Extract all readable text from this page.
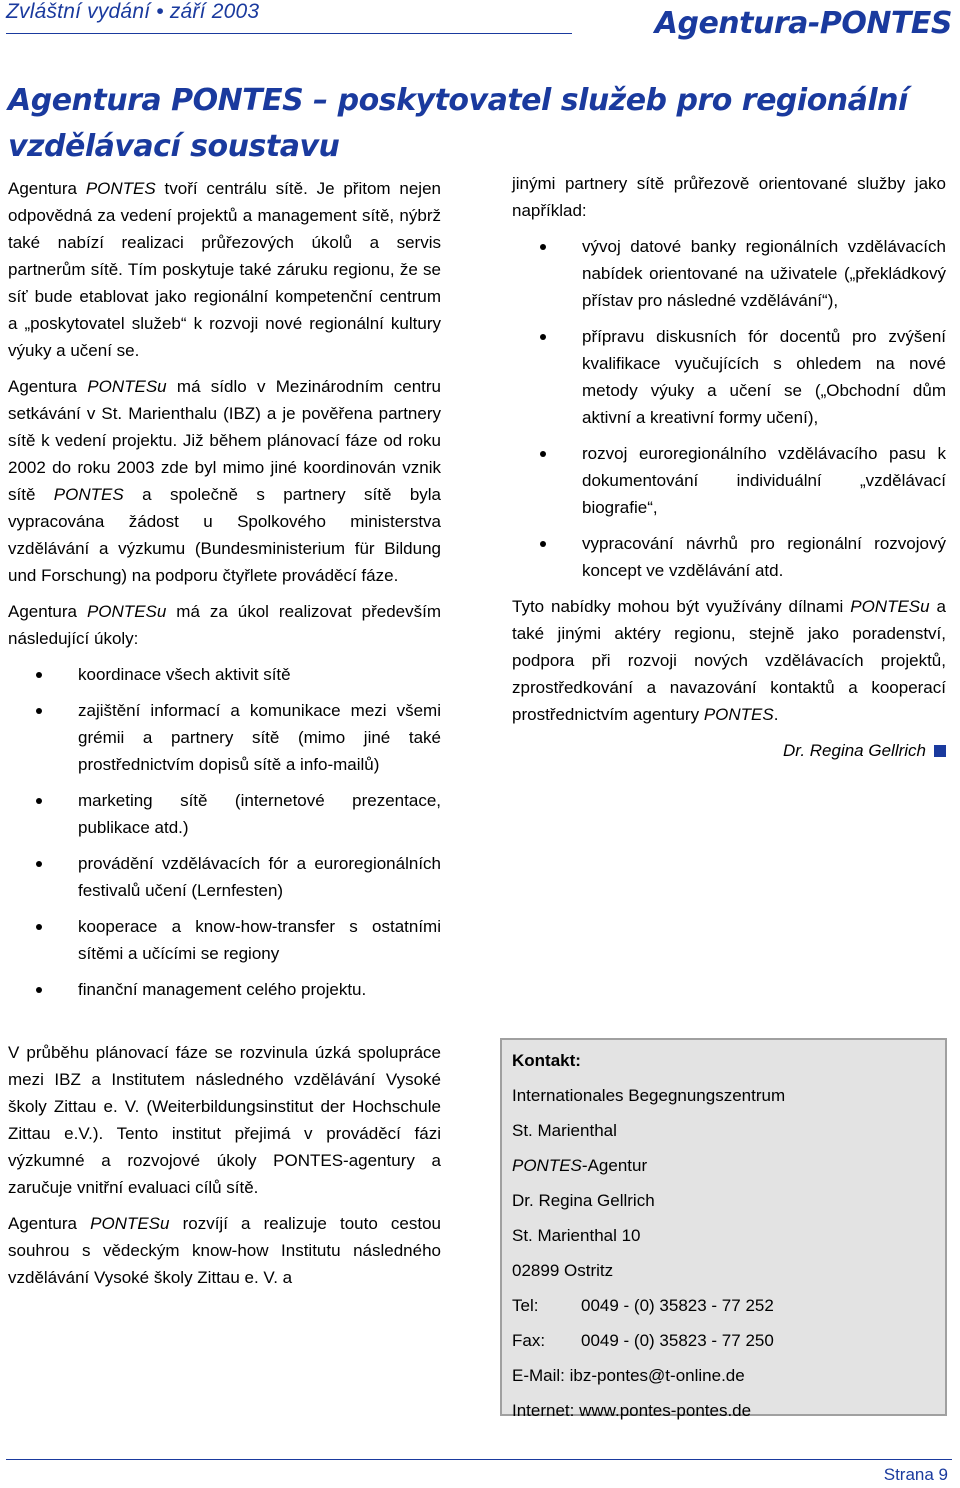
Zvláštní vydání • září 2003	Agentura-PONTES
Agentura PONTES – poskytovatel služeb pro regionální
vzdělávací soustavu

Agentura PONTES tvoří centrálu sítě. Je přitom nejen odpovědná za vedení projektů a management sítě, nýbrž také nabízí realizaci průřezových úkolů a servis partnerům sítě. Tím poskytuje také záruku regionu, že se síť bude etablovat jako regionální kompetenční centrum a „poskytovatel služeb“ k rozvoji nové regionální kultury výuky a učení se.

Agentura PONTESu má sídlo v Mezinárodním centru setkávání v St. Marienthalu (IBZ) a je pověřena partnery sítě k vedení projektu. Již během plánovací fáze od roku 2002 do roku 2003 zde byl mimo jiné koordinován vznik sítě PONTES a společně s partnery sítě byla vypracována žádost u Spolkového ministerstva vzdělávání a výzkumu (Bundesministerium für Bildung und Forschung) na podporu čtyřlete prováděcí fáze.

Agentura PONTESu má za úkol realizovat především následující úkoly:

koordinace všech aktivit sítě
zajištění informací a komunikace mezi všemi grémii a partnery sítě (mimo jiné také prostřednictvím dopisů sítě a info-mailů)
marketing sítě (internetové prezentace, publikace atd.)
provádění vzdělávacích fór a euroregionálních festivalů učení (Lernfesten)
kooperace a know-how-transfer s ostatními sítěmi a učícími se regiony
finanční management celého projektu.

V průběhu plánovací fáze se rozvinula úzká spolupráce mezi IBZ a Institutem následného vzdělávání Vysoké školy Zittau e. V. (Weiterbildungsinstitut der Hochschule Zittau e.V.). Tento institut přejimá v prováděcí fázi výzkumné a rozvojové úkoly PONTES-agentury a zaručuje vnitřní evaluaci cílů sítě.

Agentura PONTESu rozvíjí a realizuje touto cestou souhrou s vědeckým know-how Institutu následného vzdělávání Vysoké školy Zittau e. V. a

jinými partnery sítě průřezově orientované služby jako například:

vývoj datové banky regionálních vzdělávacích nabídek orientované na uživatele („překládkový přístav pro následné vzdělávání“),
přípravu diskusních fór docentů pro zvýšení kvalifikace vyučujících s ohledem na nové metody výuky a učení se („Obchodní dům aktivní a kreativní formy učení),
rozvoj euroregionálního vzdělávacího pasu k dokumentování individuální „vzdělávací biografie“,
vypracování návrhů pro regionální rozvojový koncept ve vzdělávání atd.

Tyto nabídky mohou být využívány dílnami PONTESu a také jinými aktéry regionu, stejně jako poradenství, podpora při rozvoji nových vzdělávacích projektů, zprostředkování a navazování kontaktů a kooperací prostřednictvím agentury PONTES.

Dr. Regina Gellrich

Kontakt:
Internationales Begegnungszentrum
St. Marienthal
PONTES-Agentur
Dr. Regina Gellrich
St. Marienthal 10
02899 Ostritz
Tel:	0049 - (0) 35823 - 77 252
Fax: 0049 - (0) 35823 - 77 250
E-Mail: ibz-pontes@t-online.de
Internet: www.pontes-pontes.de
Strana 9
